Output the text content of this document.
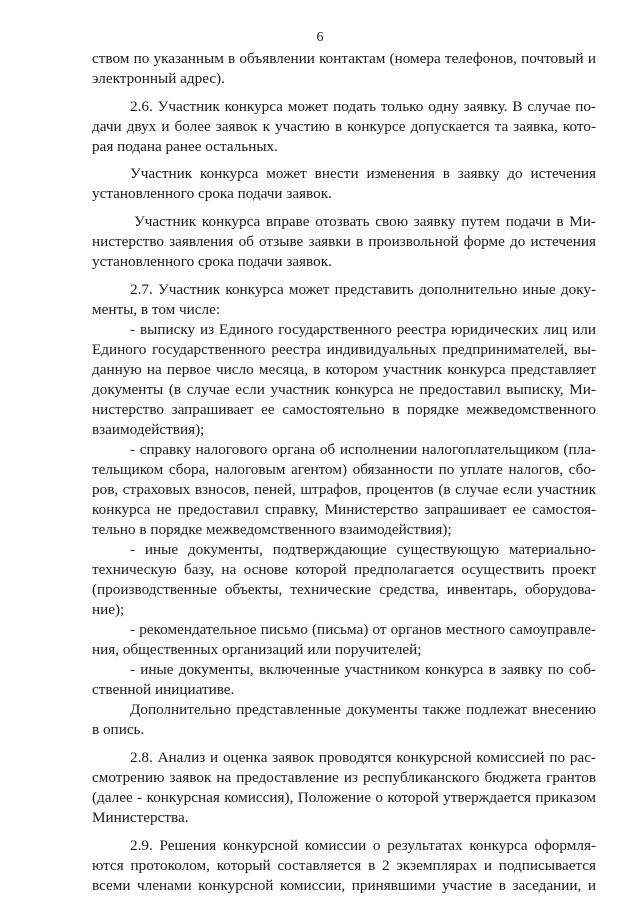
6
ством по указанным в объявлении контактам (номера телефонов, почтовый и
электронный адрес).
2.6. Участник конкурса может подать только одну заявку. В случае по-
дачи двух и более заявок к участию в конкурсе допускается та заявка, кото-
рая подана ранее остальных.
Участник конкурса может внести изменения в заявку до истечения
установленного срока подачи заявок.
Участник конкурса вправе отозвать свою заявку путем подачи в Ми-
нистерство заявления об отзыве заявки в произвольной форме до истечения
установленного срока подачи заявок.
2.7. Участник конкурса может представить дополнительно иные доку-
менты, в том числе:
- выписку из Единого государственного реестра юридических лиц или
Единого государственного реестра индивидуальных предпринимателей, вы-
данную на первое число месяца, в котором участник конкурса представляет
документы (в случае если участник конкурса не предоставил выписку, Ми-
нистерство запрашивает ее самостоятельно в порядке межведомственного
взаимодействия);
- справку налогового органа об исполнении налогоплательщиком (пла-
тельщиком сбора, налоговым агентом) обязанности по уплате налогов, сбо-
ров, страховых взносов, пеней, штрафов, процентов (в случае если участник
конкурса не предоставил справку, Министерство запрашивает ее самостоя-
тельно в порядке межведомственного взаимодействия);
- иные документы, подтверждающие существующую материально-
техническую базу, на основе которой предполагается осуществить проект
(производственные объекты, технические средства, инвентарь, оборудова-
ние);
- рекомендательное письмо (письма) от органов местного самоуправле-
ния, общественных организаций или поручителей;
- иные документы, включенные участником конкурса в заявку по соб-
ственной инициативе.
Дополнительно представленные документы также подлежат внесению
в опись.
2.8. Анализ и оценка заявок проводятся конкурсной комиссией по рас-
смотрению заявок на предоставление из республиканского бюджета грантов
(далее - конкурсная комиссия), Положение о которой утверждается приказом
Министерства.
2.9. Решения конкурсной комиссии о результатах конкурса оформля-
ются протоколом, который составляется в 2 экземплярах и подписывается
всеми членами конкурсной комиссии, принявшими участие в заседании, и
